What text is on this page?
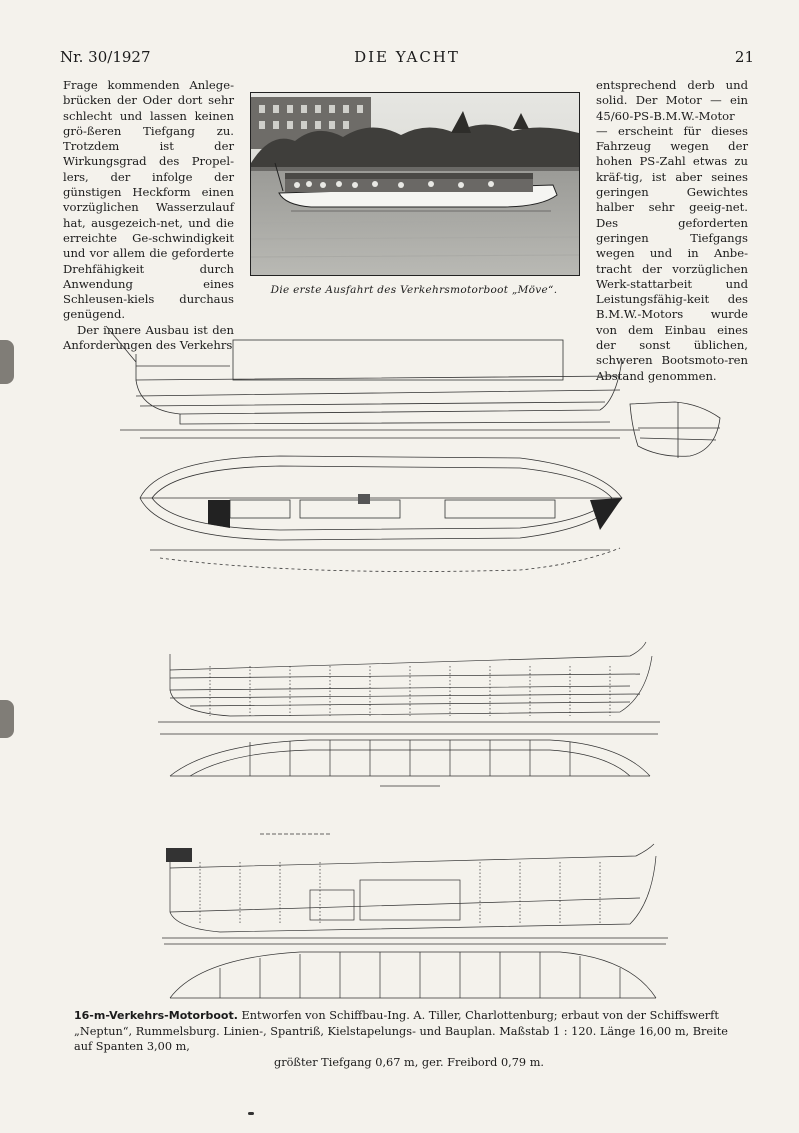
Nr. 30/1927	DIE YACHT	21

Frage kommenden Anlege-brücken der Oder dort sehr schlecht und lassen keinen grö-ßeren Tiefgang zu. Trotzdem ist der Wirkungsgrad des Propel-lers, der infolge der günstigen Heckform einen vorzüglichen Wasserzulauf hat, ausgezeich-net, und die erreichte Ge-schwindigkeit und vor allem die geforderte Drehfähigkeit durch Anwendung eines Schleusen-kiels durchaus genügend.

Der innere Ausbau ist den Anforderungen des Verkehrs

Die erste Ausfahrt des Verkehrsmotorboot „Möve“.

entsprechend derb und solid. Der Motor — ein 45/60-PS-B.M.W.-Motor — erscheint für dieses Fahrzeug wegen der hohen PS-Zahl etwas zu kräf-tig, ist aber seines geringen Gewichtes halber sehr geeig-net. Des geforderten geringen Tiefgangs wegen und in Anbe-tracht der vorzüglichen Werk-stattarbeit und Leistungsfähig-keit des B.M.W.-Motors wurde von dem Einbau eines der sonst üblichen, schweren Bootsmoto-ren Abstand genommen.

16-m-Verkehrs-Motorboot. Entworfen von Schiffbau-Ing. A. Tiller, Charlottenburg; erbaut von der Schiffswerft „Neptun“, Rummelsburg. Linien-, Spantriß, Kielstapelungs- und Bauplan. Maßstab 1 : 120. Länge 16,00 m, Breite auf Spanten 3,00 m,
größter Tiefgang 0,67 m, ger. Freibord 0,79 m.
